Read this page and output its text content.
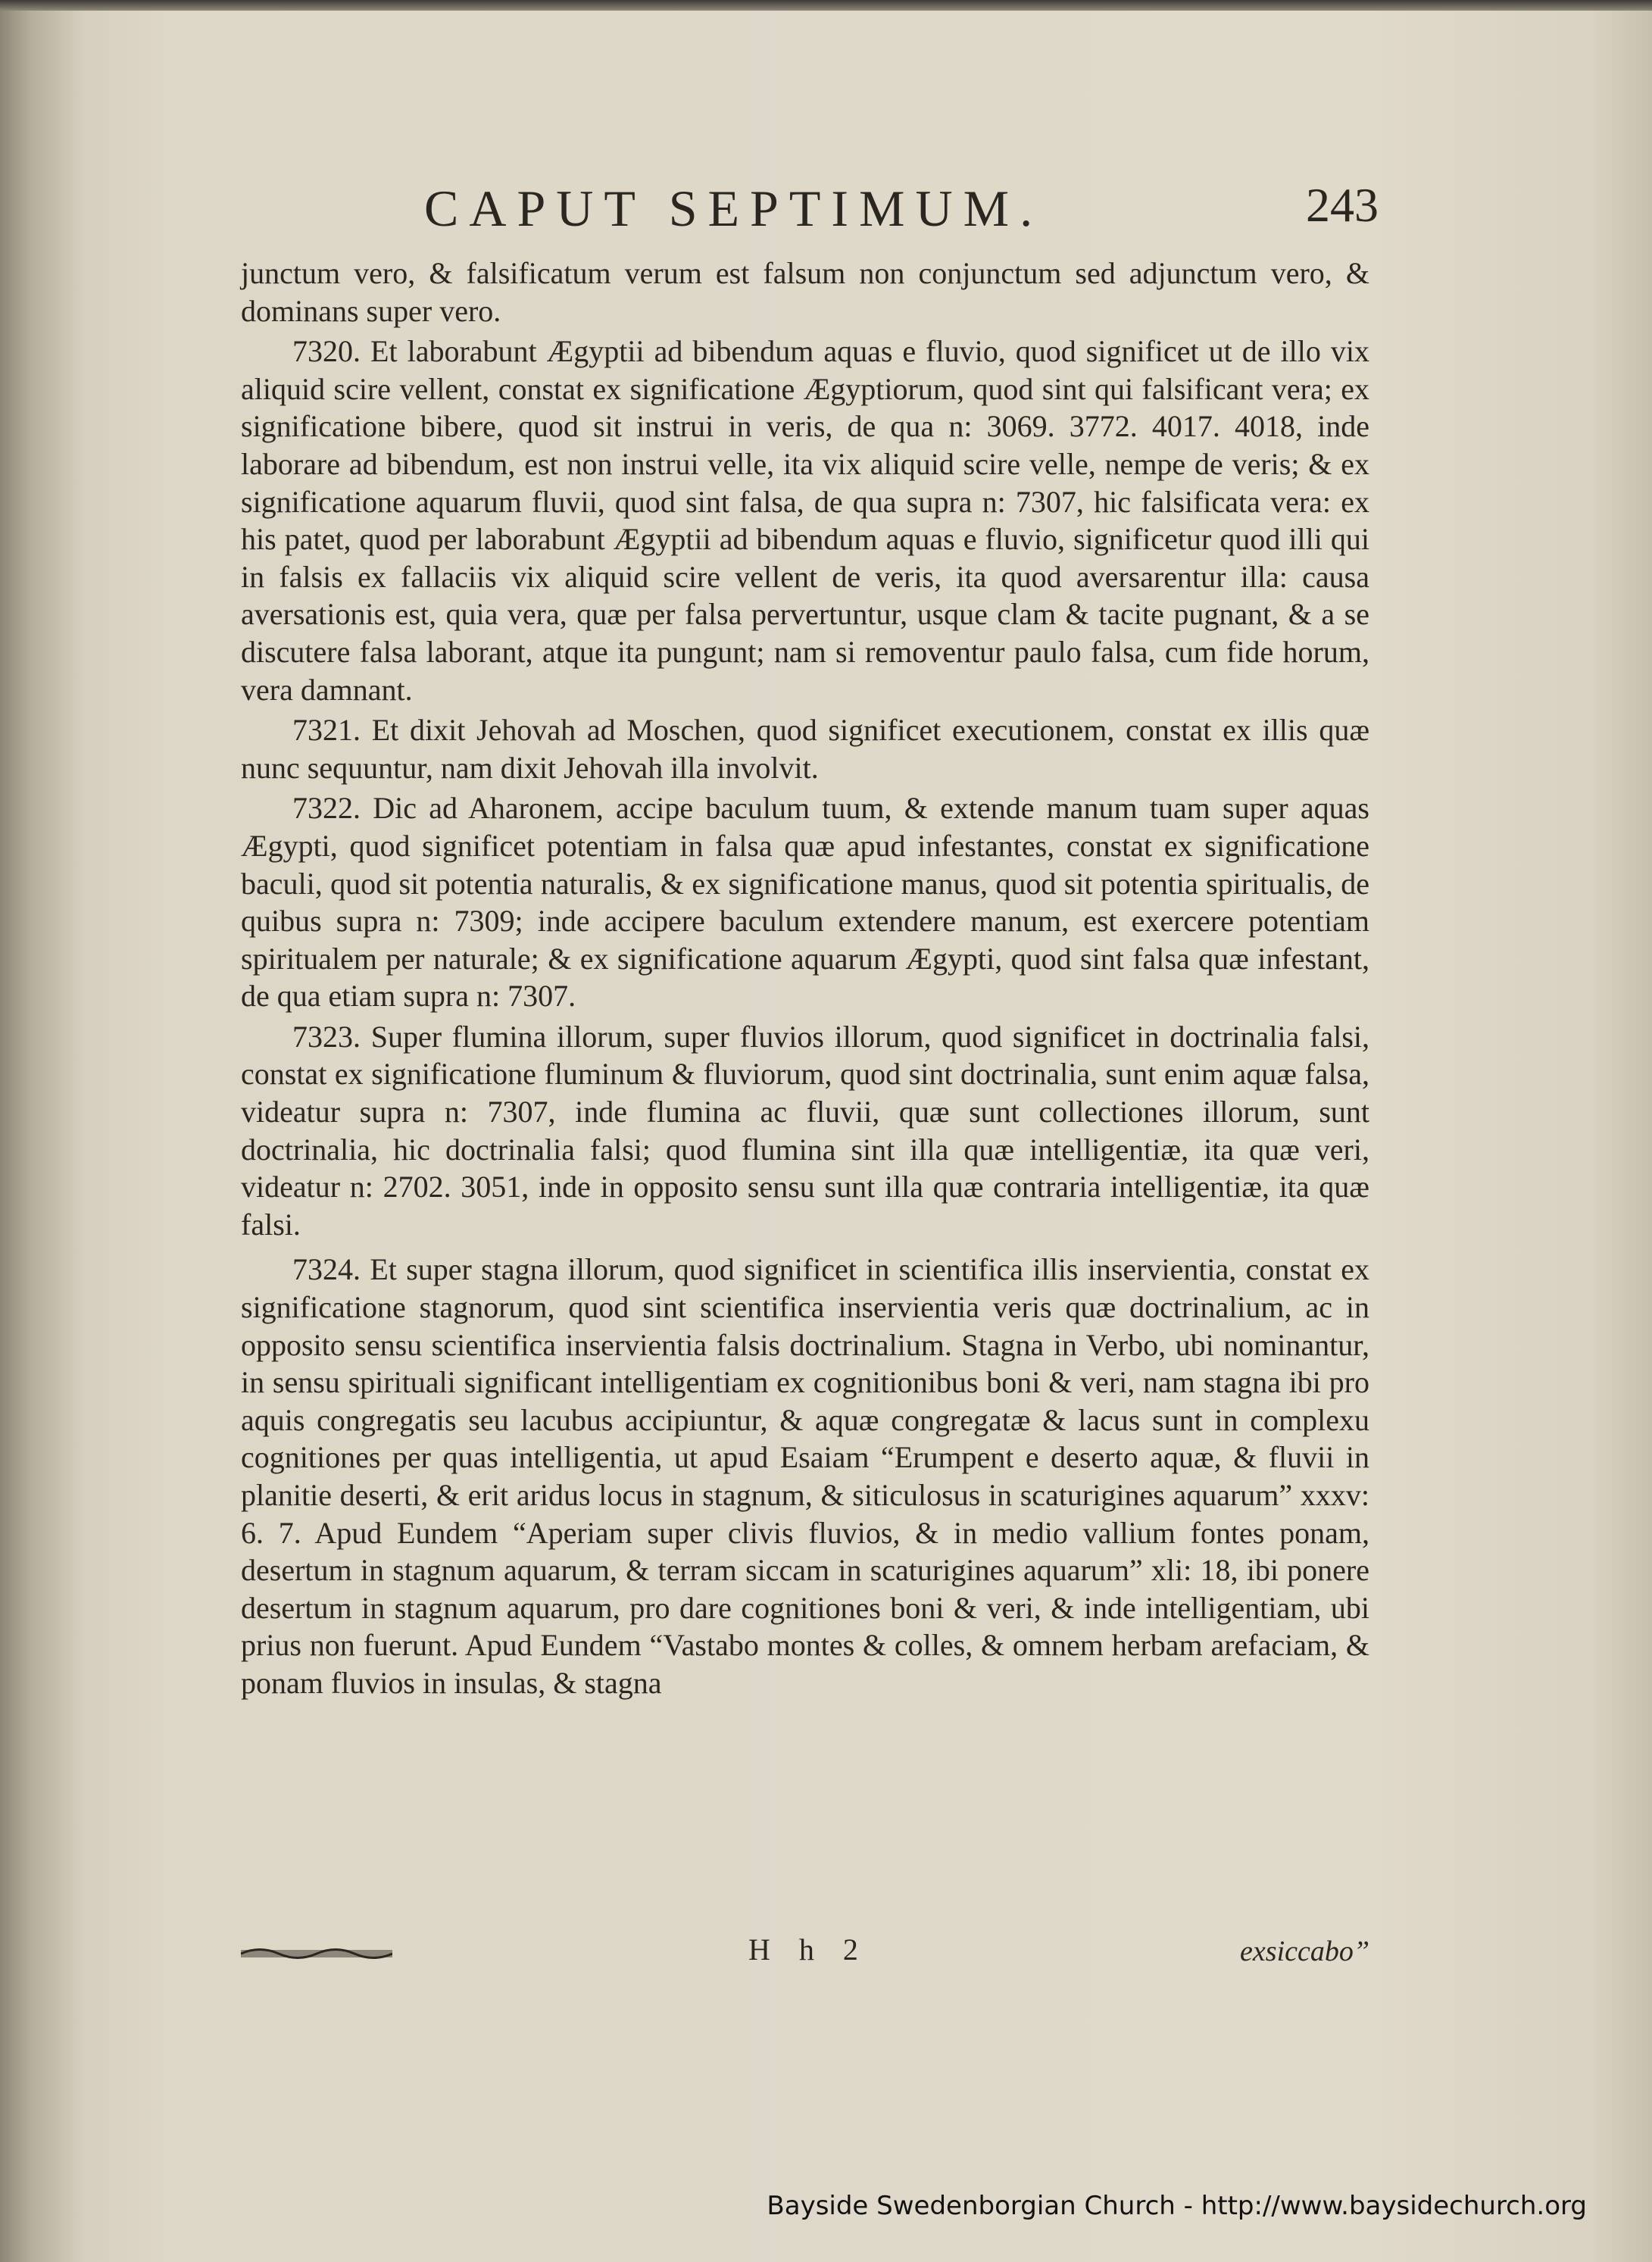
CAPUT SEPTIMUM.	243

junctum vero, & falsificatum verum est falsum non conjunctum sed adjunctum vero, & dominans super vero.

7320. Et laborabunt Ægyptii ad bibendum aquas e fluvio, quod significet ut de illo vix aliquid scire vellent, constat ex significatione Ægyptiorum, quod sint qui falsificant vera; ex significatione bibere, quod sit instrui in veris, de qua n: 3069. 3772. 4017. 4018, inde laborare ad bibendum, est non instrui velle, ita vix aliquid scire velle, nempe de veris; & ex significatione aquarum fluvii, quod sint falsa, de qua supra n: 7307, hic falsificata vera: ex his patet, quod per laborabunt Ægyptii ad bibendum aquas e fluvio, significetur quod illi qui in falsis ex fallaciis vix aliquid scire vellent de veris, ita quod aversarentur illa: causa aversationis est, quia vera, quæ per falsa pervertuntur, usque clam & tacite pugnant, & a se discutere falsa laborant, atque ita pungunt; nam si removentur paulo falsa, cum fide horum, vera damnant.

7321. Et dixit Jehovah ad Moschen, quod significet executionem, constat ex illis quæ nunc sequuntur, nam dixit Jehovah illa involvit.

7322. Dic ad Aharonem, accipe baculum tuum, & extende manum tuam super aquas Ægypti, quod significet potentiam in falsa quæ apud infestantes, constat ex significatione baculi, quod sit potentia naturalis, & ex significatione manus, quod sit potentia spiritualis, de quibus supra n: 7309; inde accipere baculum extendere manum, est exercere potentiam spiritualem per naturale; & ex significatione aquarum Ægypti, quod sint falsa quæ infestant, de qua etiam supra n: 7307.

7323. Super flumina illorum, super fluvios illorum, quod significet in doctrinalia falsi, constat ex significatione fluminum & fluviorum, quod sint doctrinalia, sunt enim aquæ falsa, videatur supra n: 7307, inde flumina ac fluvii, quæ sunt collectiones illorum, sunt doctrinalia, hic doctrinalia falsi; quod flumina sint illa quæ intelligentiæ, ita quæ veri, videatur n: 2702. 3051, inde in opposito sensu sunt illa quæ contraria intelligentiæ, ita quæ falsi.

7324. Et super stagna illorum, quod significet in scientifica illis inservientia, constat ex significatione stagnorum, quod sint scientifica inservientia veris quæ doctrinalium, ac in opposito sensu scientifica inservientia falsis doctrinalium. Stagna in Verbo, ubi nominantur, in sensu spirituali significant intelligentiam ex cognitionibus boni & veri, nam stagna ibi pro aquis congregatis seu lacubus accipiuntur, & aquæ congregatæ & lacus sunt in complexu cognitiones per quas intelligentia, ut apud Esaiam “Erumpent e deserto aquæ, & fluvii in planitie deserti, & erit aridus locus in stagnum, & siticulosus in scaturigines aquarum” xxxv: 6. 7. Apud Eundem “Aperiam super clivis fluvios, & in medio vallium fontes ponam, desertum in stagnum aquarum, & terram siccam in scaturigines aquarum” xli: 18, ibi ponere desertum in stagnum aquarum, pro dare cognitiones boni & veri, & inde intelligentiam, ubi prius non fuerunt. Apud Eundem “Vastabo montes & colles, & omnem herbam arefaciam, & ponam fluvios in insulas, & stagna

H h 2	exsiccabo”
Bayside Swedenborgian Church - http://www.baysidechurch.org
